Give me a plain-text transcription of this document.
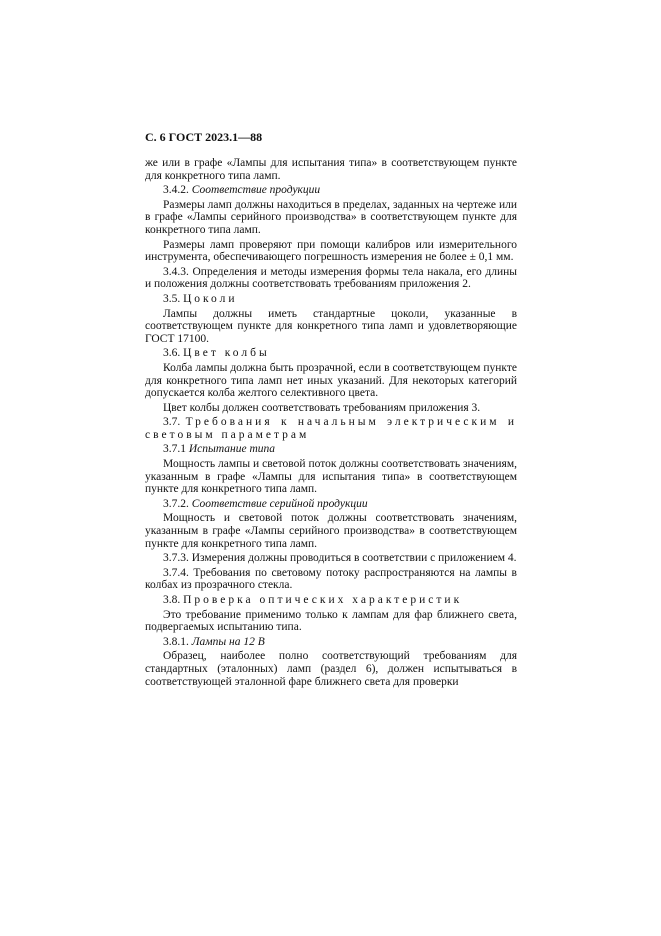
С. 6 ГОСТ 2023.1—88

же или в графе «Лампы для испытания типа» в соответствующем пункте для конкретного типа ламп.

3.4.2. Соответствие продукции

Размеры ламп должны находиться в пределах, заданных на чертеже или в графе «Лампы серийного производства» в соответствующем пункте для конкретного типа ламп.

Размеры ламп проверяют при помощи калибров или измерительного инструмента, обеспечивающего погрешность измерения не более ± 0,1 мм.

3.4.3. Определения и методы измерения формы тела накала, его длины и положения должны соответствовать требованиям приложения 2.

3.5. Цоколи

Лампы должны иметь стандартные цоколи, указанные в соответствующем пункте для конкретного типа ламп и удовлетворяющие ГОСТ 17100.

3.6. Цвет колбы

Колба лампы должна быть прозрачной, если в соответствующем пункте для конкретного типа ламп нет иных указаний. Для некоторых категорий допускается колба желтого селективного цвета.

Цвет колбы должен соответствовать требованиям приложения 3.

3.7. Требования к начальным электрическим и световым параметрам

3.7.1 Испытание типа

Мощность лампы и световой поток должны соответствовать значениям, указанным в графе «Лампы для испытания типа» в соответствующем пункте для конкретного типа ламп.

3.7.2. Соответствие серийной продукции

Мощность и световой поток должны соответствовать значениям, указанным в графе «Лампы серийного производства» в соответствующем пункте для конкретного типа ламп.

3.7.3. Измерения должны проводиться в соответствии с приложением 4.

3.7.4. Требования по световому потоку распространяются на лампы в колбах из прозрачного стекла.

3.8. Проверка оптических характеристик

Это требование применимо только к лампам для фар ближнего света, подвергаемых испытанию типа.

3.8.1. Лампы на 12 В

Образец, наиболее полно соответствующий требованиям для стандартных (эталонных) ламп (раздел 6), должен испытываться в соответствующей эталонной фаре ближнего света для проверки
